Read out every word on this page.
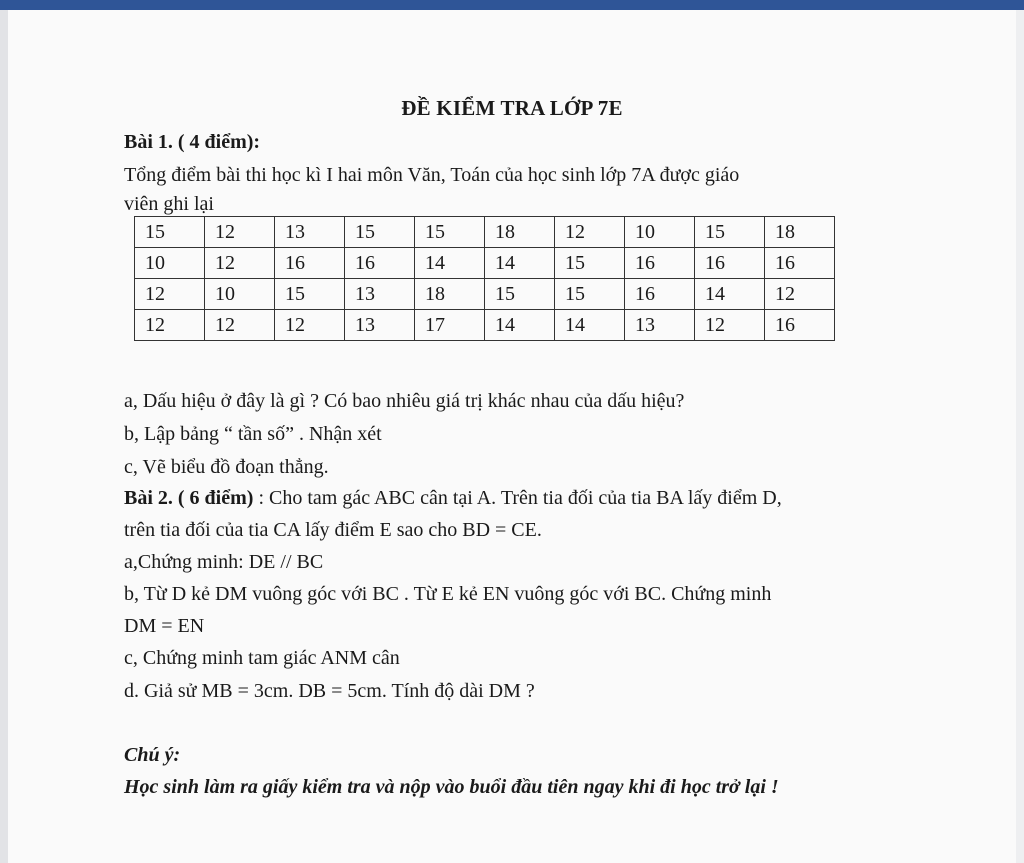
ĐỀ KIỂM TRA LỚP 7E
Bài 1. ( 4 điểm):
Tổng điểm bài thi học kì I hai môn Văn, Toán của học sinh lớp 7A được giáo
viên ghi lại
15	12	13	15	15	18	12	10	15	18
10	12	16	16	14	14	15	16	16	16
12	10	15	13	18	15	15	16	14	12
12	12	12	13	17	14	14	13	12	16
a, Dấu hiệu ở đây là gì ? Có bao nhiêu giá trị khác nhau của dấu hiệu?
b, Lập bảng “ tần số” . Nhận xét
c, Vẽ biểu đồ đoạn thẳng.
Bài 2. ( 6 điểm) : Cho tam gác ABC cân tại A. Trên tia đối của tia BA lấy điểm D,
trên tia đối của tia CA lấy điểm E sao cho BD = CE.
a,Chứng minh: DE // BC
b, Từ D kẻ DM vuông góc với BC . Từ E kẻ EN vuông góc với BC. Chứng minh
DM = EN
c, Chứng minh tam giác ANM cân
d. Giả sử MB = 3cm. DB = 5cm. Tính độ dài DM ?
Chú ý:
Học sinh làm ra giấy kiểm tra và nộp vào buổi đầu tiên ngay khi đi học trở lại !
